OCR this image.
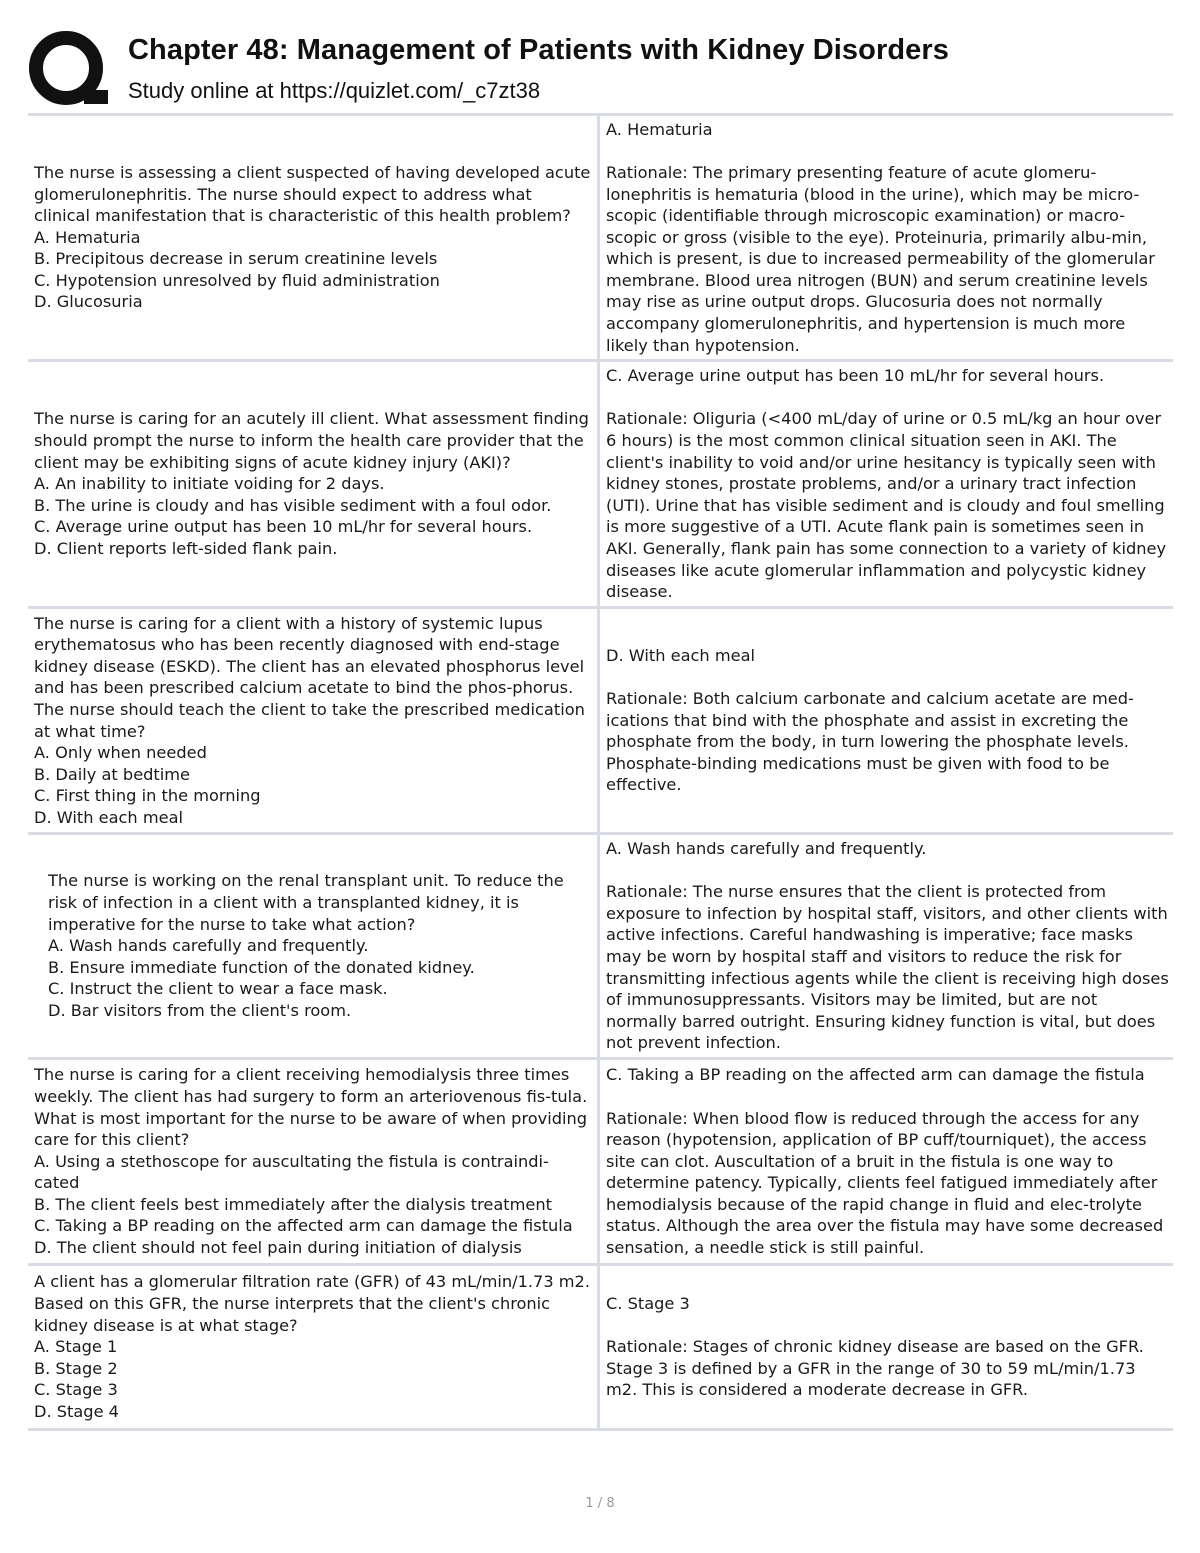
Chapter 48: Management of Patients with Kidney Disorders
Study online at https://quizlet.com/_c7zt38
The nurse is assessing a client suspected of having developed acute glomerulonephritis. The nurse should expect to address what clinical manifestation that is characteristic of this health problem?
A. Hematuria
B. Precipitous decrease in serum creatinine levels
C. Hypotension unresolved by fluid administration
D. Glucosuria
A. Hematuria

Rationale: The primary presenting feature of acute glomeru-lonephritis is hematuria (blood in the urine), which may be micro-scopic (identifiable through microscopic examination) or macro-scopic or gross (visible to the eye). Proteinuria, primarily albu-min, which is present, is due to increased permeability of the glomerular membrane. Blood urea nitrogen (BUN) and serum creatinine levels may rise as urine output drops. Glucosuria does not normally accompany glomerulonephritis, and hypertension is much more likely than hypotension.
The nurse is caring for an acutely ill client. What assessment finding should prompt the nurse to inform the health care provider that the client may be exhibiting signs of acute kidney injury (AKI)?
A. An inability to initiate voiding for 2 days.
B. The urine is cloudy and has visible sediment with a foul odor.
C. Average urine output has been 10 mL/hr for several hours.
D. Client reports left-sided flank pain.
C. Average urine output has been 10 mL/hr for several hours.

Rationale: Oliguria (<400 mL/day of urine or 0.5 mL/kg an hour over 6 hours) is the most common clinical situation seen in AKI. The client's inability to void and/or urine hesitancy is typically seen with kidney stones, prostate problems, and/or a urinary tract infection (UTI). Urine that has visible sediment and is cloudy and foul smelling is more suggestive of a UTI. Acute flank pain is sometimes seen in AKI. Generally, flank pain has some connection to a variety of kidney diseases like acute glomerular inflammation and polycystic kidney disease.
The nurse is caring for a client with a history of systemic lupus erythematosus who has been recently diagnosed with end-stage kidney disease (ESKD). The client has an elevated phosphorus level and has been prescribed calcium acetate to bind the phos-phorus. The nurse should teach the client to take the prescribed medication at what time?
A. Only when needed
B. Daily at bedtime
C. First thing in the morning
D. With each meal
D. With each meal

Rationale: Both calcium carbonate and calcium acetate are med-ications that bind with the phosphate and assist in excreting the phosphate from the body, in turn lowering the phosphate levels. Phosphate-binding medications must be given with food to be effective.
The nurse is working on the renal transplant unit. To reduce the risk of infection in a client with a transplanted kidney, it is imperative for the nurse to take what action?
A. Wash hands carefully and frequently.
B. Ensure immediate function of the donated kidney.
C. Instruct the client to wear a face mask.
D. Bar visitors from the client's room.
A. Wash hands carefully and frequently.

Rationale: The nurse ensures that the client is protected from exposure to infection by hospital staff, visitors, and other clients with active infections. Careful handwashing is imperative; face masks may be worn by hospital staff and visitors to reduce the risk for transmitting infectious agents while the client is receiving high doses of immunosuppressants. Visitors may be limited, but are not normally barred outright. Ensuring kidney function is vital, but does not prevent infection.
The nurse is caring for a client receiving hemodialysis three times weekly. The client has had surgery to form an arteriovenous fis-tula. What is most important for the nurse to be aware of when providing care for this client?
A. Using a stethoscope for auscultating the fistula is contraindi-cated
B. The client feels best immediately after the dialysis treatment
C. Taking a BP reading on the affected arm can damage the fistula
D. The client should not feel pain during initiation of dialysis
C. Taking a BP reading on the affected arm can damage the fistula

Rationale: When blood flow is reduced through the access for any reason (hypotension, application of BP cuff/tourniquet), the access site can clot. Auscultation of a bruit in the fistula is one way to determine patency. Typically, clients feel fatigued immediately after hemodialysis because of the rapid change in fluid and elec-trolyte status. Although the area over the fistula may have some decreased sensation, a needle stick is still painful.
A client has a glomerular filtration rate (GFR) of 43 mL/min/1.73 m2. Based on this GFR, the nurse interprets that the client's chronic kidney disease is at what stage?
A. Stage 1
B. Stage 2
C. Stage 3
D. Stage 4
C. Stage 3

Rationale: Stages of chronic kidney disease are based on the GFR. Stage 3 is defined by a GFR in the range of 30 to 59 mL/min/1.73 m2. This is considered a moderate decrease in GFR.
1 / 8
